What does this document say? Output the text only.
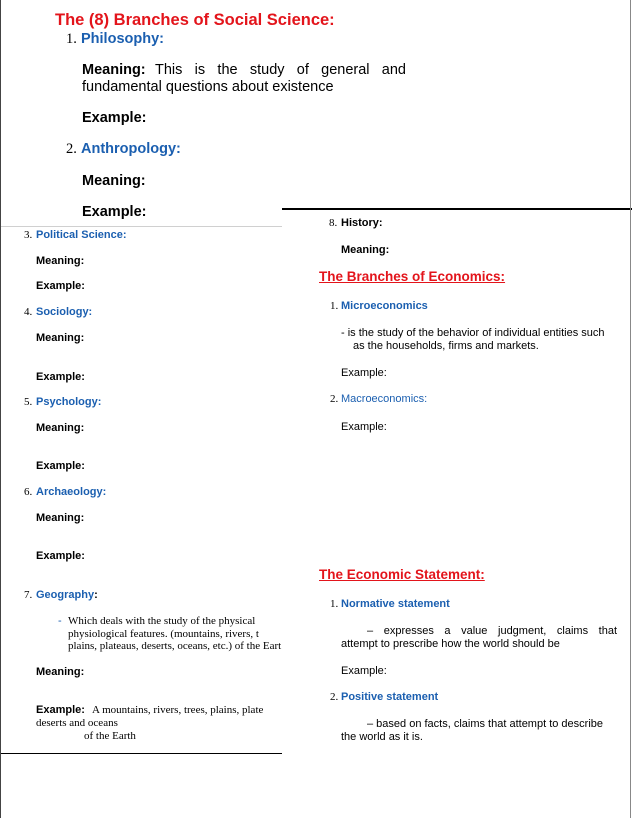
The (8) Branches of Social Science:
1. Philosophy:
Meaning: This is the study of general and
fundamental questions about existence
Example:
2. Anthropology:
Meaning:
Example:
3. Political Science:
Meaning:
Example:
4. Sociology:
Meaning:
Example:
5. Psychology:
Meaning:
Example:
6. Archaeology:
Meaning:
Example:
7. Geography:
- Which deals with the study of the physical
physiological features. (mountains, rivers, t
plains, plateaus, deserts, oceans, etc.) of the Eart
Meaning:
Example: A mountains, rivers, trees, plains, plate
deserts and oceans
of the Earth
8. History:
Meaning:
The Branches of Economics:
1. Microeconomics
- is the study of the behavior of individual entities such
as the households, firms and markets.
Example:
2. Macroeconomics:
Example:
The Economic Statement:
1. Normative statement
– expresses a value judgment, claims that
attempt to prescribe how the world should be
Example:
2. Positive statement
– based on facts, claims that attempt to describe
the world as it is.
